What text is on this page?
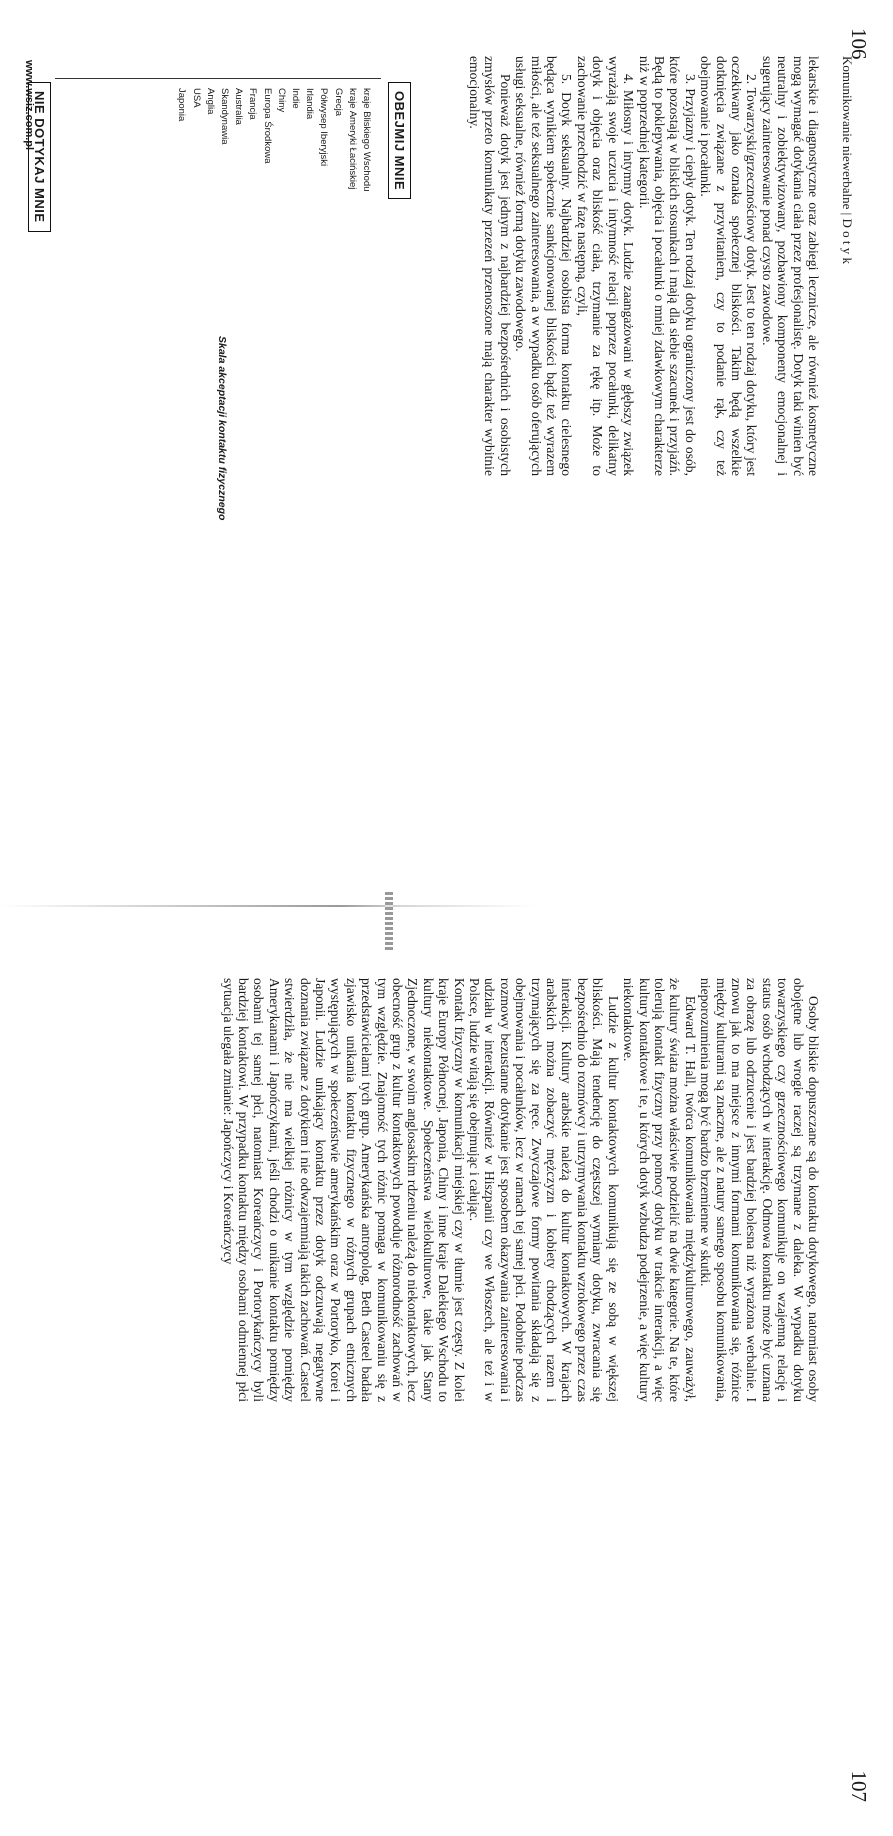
106
Komunikowanie niewerbalne | D o t y k

lekarskie i diagnostyczne oraz zabiegi lecznicze, ale również kosmetyczne mogą wymagać dotykania ciała przez profesjonalistę. Dotyk taki winien być neutralny i zobiektywizowany, pozbawiony komponenty emocjonalnej i sugerujący zainteresowanie ponad czysto zawodowe.

2. Towarzyski/grzecznościowy dotyk. Jest to ten rodzaj dotyku, który jest oczekiwany jako oznaka społecznej bliskości. Takim będą wszelkie dotknięcia związane z przywitaniem, czy to podanie rąk, czy też obejmowanie i pocałunki.

3. Przyjazny i ciepły dotyk. Ten rodzaj dotyku ograniczony jest do osób, które pozostają w bliskich stosunkach i mają dla siebie szacunek i przyjaźń. Będą to poklepywania, objęcia i pocałunki o mniej zdawkowym charakterze niż w poprzedniej kategorii.

4. Miłosny i intymny dotyk. Ludzie zaangażowani w głębszy związek wyrażają swoje uczucia i intymność relacji poprzez pocałunki, delikatny dotyk i objęcia oraz bliskość ciała, trzymanie za rękę itp. Może to zachowanie przechodzić w fazę następną, czyli,

5. Dotyk seksualny. Najbardziej osobista forma kontaktu cielesnego będąca wynikiem społecznie sankcjonowanej bliskości bądź też wyrazem miłości, ale też seksualnego zainteresowania, a w wypadku osób oferujących usługi seksualne, również formą dotyku zawodowego.

Ponieważ dotyk jest jednym z najbardziej bezpośrednich i osobistych zmysłów przeto komunikaty przezeń przenoszone mają charakter wybitnie emocjonalny.

OBEJMIJ MNIE
kraje Bliskiego Wschodu
kraje Ameryki Łacińskiej
Grecja
Półwysep Iberyjski
Irlandia
Indie
Chiny
Europa Środkowa
Francja
Australia
Skandynawia
Anglia
USA
Japonia
NIE DOTYKAJ MNIE
Skala akceptacji kontaktu fizycznego
www.wsiz.com.pl
107

Osoby bliskie dopuszczane są do kontaktu dotykowego, natomiast osoby obojętne lub wrogie raczej są trzymane z daleka. W wypadku dotyku towarzyskiego czy grzecznościowego komunikuje on wzajemną relację i status osób wchodzących w interakcję. Odmowa kontaktu może być uznana za obrazę lub odrzucenie i jest bardziej bolesna niż wyrażona werbalnie. I znowu jak to ma miejsce z innymi formami komunikowania się, różnice między kulturami są znaczne, ale z natury samego sposobu komunikowania, nieporozumienia mogą być bardzo brzemienne w skutki.

Edward T. Hall, twórca komunikowania międzykulturowego, zauważył, że kultury świata można właściwie podzielić na dwie kategorie. Na te, które tolerują kontakt fizyczny przy pomocy dotyku w trakcie interakcji, a więc kultury kontaktowe i te, u których dotyk wzbudza podejrzenie, a więc kultury niekontaktowe.

Ludzie z kultur kontaktowych komunikują się ze sobą w większej bliskości. Mają tendencję do częstszej wymiany dotyku, zwracania się bezpośrednio do rozmówcy i utrzymywania kontaktu wzrokowego przez czas interakcji. Kultury arabskie należą do kultur kontaktowych. W krajach arabskich można zobaczyć mężczyzn i kobiety chodzących razem i trzymających się za ręce. Zwyczajowe formy powitania składają się z obejmowania i pocałunków, lecz w ramach tej samej płci. Podobnie podczas rozmowy bezustanne dotykanie jest sposobem okazywania zainteresowania i udziału w interakcji. Również w Hiszpanii czy we Włoszech, ale też i w Polsce, ludzie witają się obejmując i całując.

Kontakt fizyczny w komunikacji miejskiej czy w tłumie jest częsty. Z kolei kraje Europy Północnej, Japonia, Chiny i inne kraje Dalekiego Wschodu to kultury niekontaktowe. Społeczeństwa wielokulturowe, takie jak Stany Zjednoczone, w swoim anglosaskim rdzeniu należą do niekontaktowych, lecz obecność grup z kultur kontaktowych powoduje różnorodność zachowań w tym względzie. Znajomość tych różnic pomaga w komunikowaniu się z przedstawicielami tych grup. Amerykańska antropolog, Beth Casteel badała zjawisko unikania kontaktu fizycznego w różnych grupach etnicznych występujących w społeczeństwie amerykańskim oraz w Portoryko, Korei i Japonii. Ludzie unikający kontaktu przez dotyk odczuwają negatywne doznania związane z dotykiem i nie odwzajemniają takich zachowań. Casteel stwierdziła, że nie ma wielkiej różnicy w tym względzie pomiędzy Amerykanami i Japończykami, jeśli chodzi o unikanie kontaktu pomiędzy osobami tej samej płci, natomiast Koreańczycy i Portorykańczycy byli bardziej kontaktowi. W przypadku kontaktu między osobami odmiennej płci sytuacja ulegała zmianie: Japończycy i Koreańczycy
